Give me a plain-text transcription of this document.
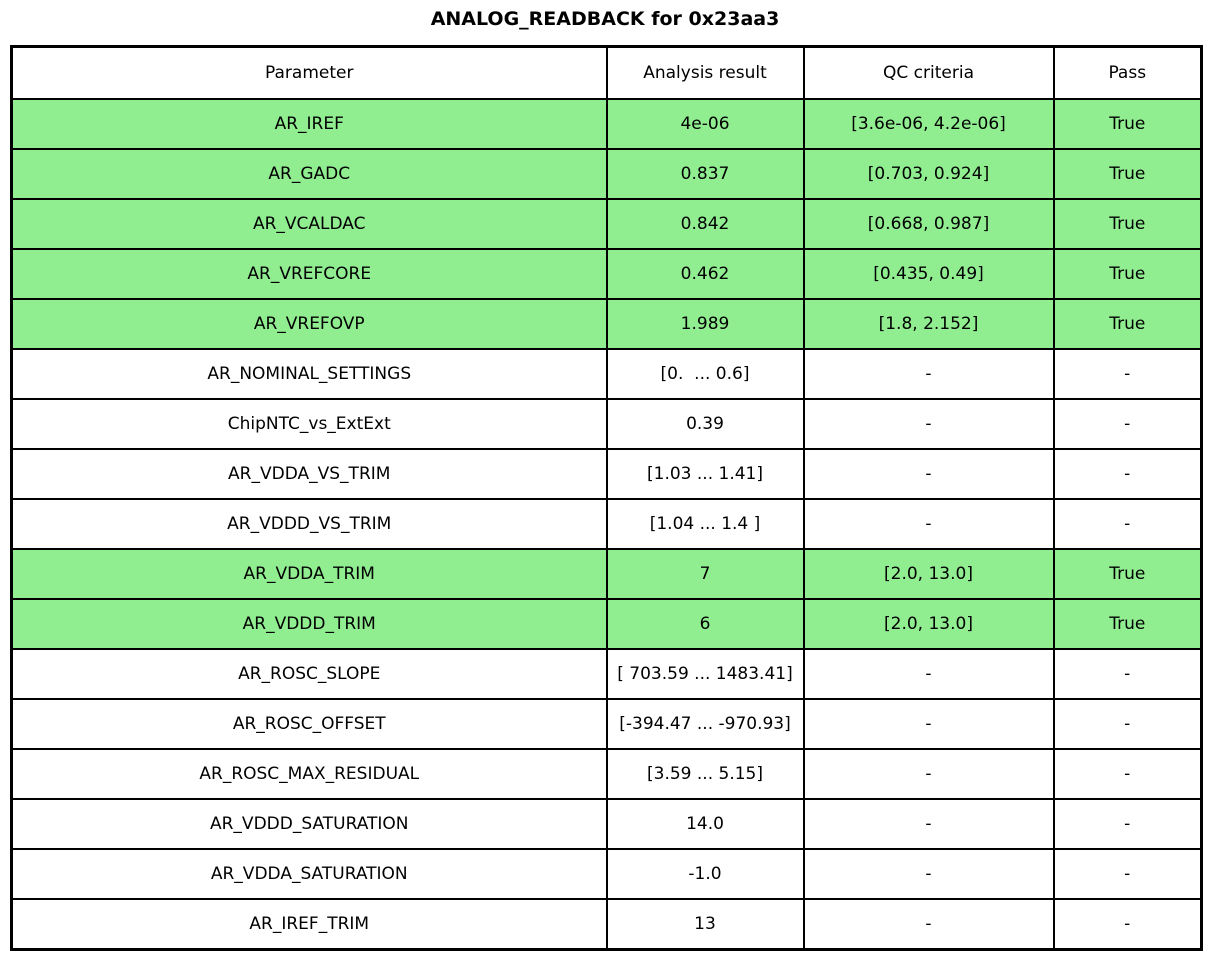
ANALOG_READBACK for 0x23aa3
Parameter	Analysis result	QC criteria	Pass
AR_IREF	4e-06	[3.6e-06, 4.2e-06]	True
AR_GADC	0.837	[0.703, 0.924]	True
AR_VCALDAC	0.842	[0.668, 0.987]	True
AR_VREFCORE	0.462	[0.435, 0.49]	True
AR_VREFOVP	1.989	[1.8, 2.152]	True
AR_NOMINAL_SETTINGS	[0.  ... 0.6]	-	-
ChipNTC_vs_ExtExt	0.39	-	-
AR_VDDA_VS_TRIM	[1.03 ... 1.41]	-	-
AR_VDDD_VS_TRIM	[1.04 ... 1.4 ]	-	-
AR_VDDA_TRIM	7	[2.0, 13.0]	True
AR_VDDD_TRIM	6	[2.0, 13.0]	True
AR_ROSC_SLOPE	[ 703.59 ... 1483.41]	-	-
AR_ROSC_OFFSET	[-394.47 ... -970.93]	-	-
AR_ROSC_MAX_RESIDUAL	[3.59 ... 5.15]	-	-
AR_VDDD_SATURATION	14.0	-	-
AR_VDDA_SATURATION	-1.0	-	-
AR_IREF_TRIM	13	-	-
